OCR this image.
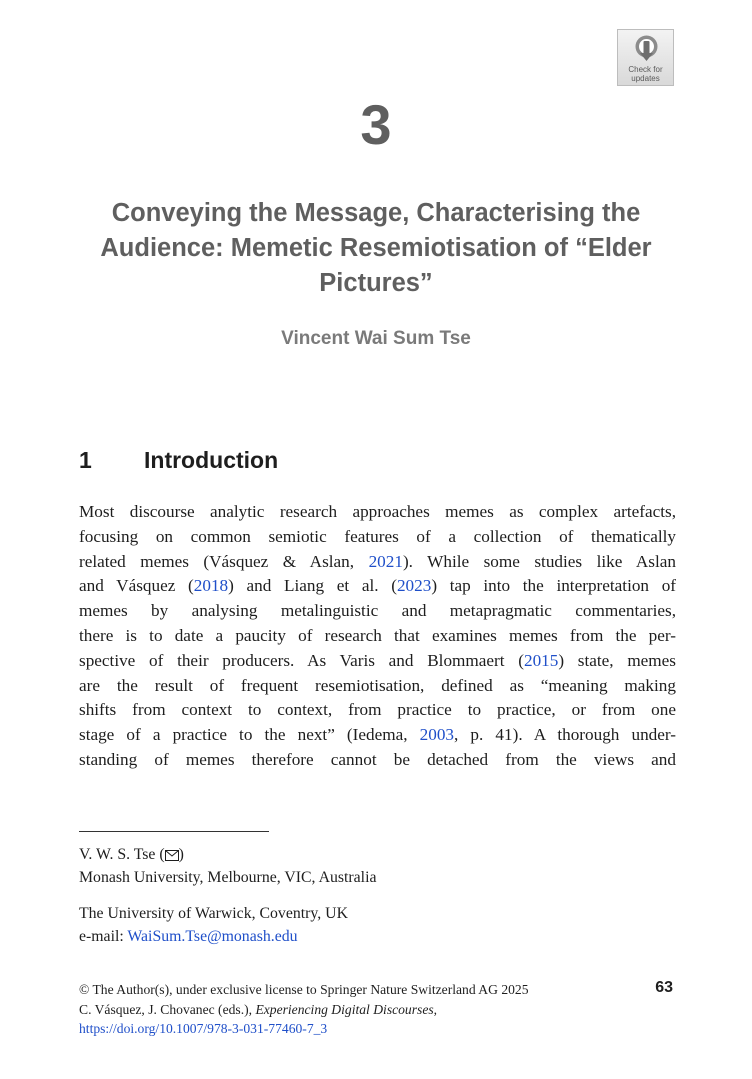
Check for
updates
3
Conveying the Message, Characterising the Audience: Memetic Resemiotisation of “Elder Pictures”
Vincent Wai Sum Tse
1 Introduction
Most discourse analytic research approaches memes as complex artefacts,
focusing on common semiotic features of a collection of thematically
related memes (Vásquez & Aslan, 2021). While some studies like Aslan
and Vásquez (2018) and Liang et al. (2023) tap into the interpretation of
memes by analysing metalinguistic and metapragmatic commentaries,
there is to date a paucity of research that examines memes from the per-
spective of their producers. As Varis and Blommaert (2015) state, memes
are the result of frequent resemiotisation, defined as “meaning making
shifts from context to context, from practice to practice, or from one
stage of a practice to the next” (Iedema, 2003, p. 41). A thorough under-
standing of memes therefore cannot be detached from the views and
V. W. S. Tse ( )
Monash University, Melbourne, VIC, Australia
The University of Warwick, Coventry, UK
e-mail: WaiSum.Tse@monash.edu
© The Author(s), under exclusive license to Springer Nature Switzerland AG 2025
C. Vásquez, J. Chovanec (eds.), Experiencing Digital Discourses,
https://doi.org/10.1007/978-3-031-77460-7_3
63
